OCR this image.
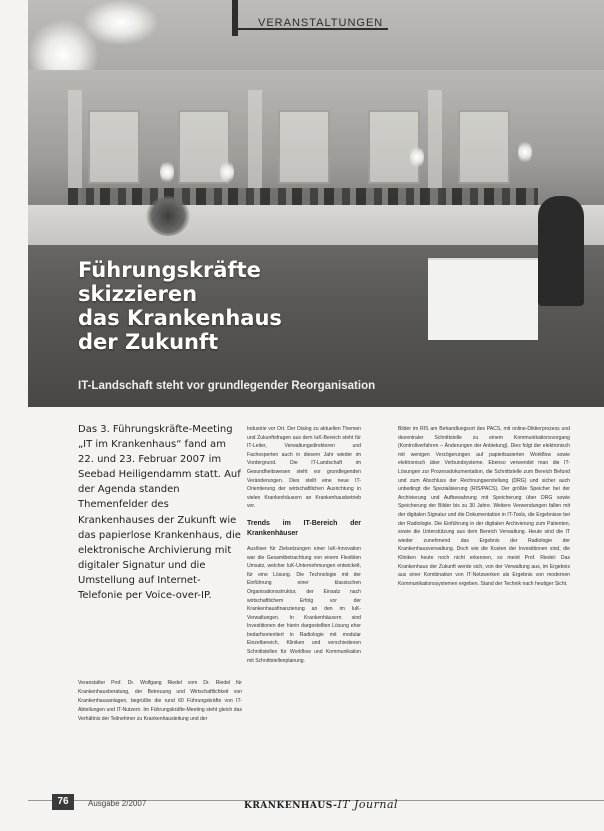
VERANSTALTUNGEN
Führungskräfte
skizzieren
das Krankenhaus
der Zukunft
IT-Landschaft steht vor grundlegender Reorganisation
Das 3. Führungskräfte-Meeting „IT im Krankenhaus“ fand am 22. und 23. Februar 2007 im Seebad Heiligendamm statt. Auf der Agenda standen Themenfelder des Krankenhauses der Zukunft wie das papierlose Krankenhaus, die elektronische Archivierung mit digitaler Signatur und die Umstellung auf Internet-Telefonie per Voice-over-IP.
Veranstalter Prof. Dr. Wolfgang Riedel vom Dr. Riedel für Krankenhausberatung, der Betreuung und Wirtschaftlichkeit von Krankenhausanlagen, begrüßte die rund 60 Führungskräfte von IT-Abteilungen und IT-Nutzern. Im Führungskräfte-Meeting steht gleich das Verhältnis der Teilnehmer zu Krankenhausleitung und der

Industrie vor Ort. Der Dialog zu aktuellen Themen und Zukunftsfragen aus dem IuK-Bereich steht für IT-Leiter, Verwaltungsdirektoren und Fachexperten auch in diesem Jahr wieder im Vordergrund. Die IT-Landschaft im Gesundheitswesen steht vor grundlegenden Veränderungen. Dies stellt eine neue IT-Orientierung der wirtschaftlichen Ausrichtung in vielen Krankenhäusern an Krankenhausbetrieb vor.

Trends im IT-Bereich der Krankenhäuser

Auslöser für Zielsetzungen einer IuK-Innovation war die Gesamtbetrachtung von einem Flexiblen Umsatz, welcher IuK-Unternehmungen entwickelt, für eine Lösung. Die Technologie mit der Einführung einer klassischen Organisationsstruktur, der Einsatz nach wirtschaftlichem Erfolg vor der Krankenhausfinanzierung an den im IuK-Verwaltungen. In Krankenhäusern sind Investitionen der hierin dargestellten Lösung eher bedarfsorientiert in Radiologie mit modular Einzelbereich, Kliniken und verschiedenen Schnittstellen für Workflow und Kommunikation mit Schnittstellenplanung.

Bilder im RIS am Behandlungsort des PACS, mit online-Diktierprozess und dezentraler Schnittstelle zu einem Kommunikationsvorgang (Kontrollverfahren – Änderungen der Anbietung). Dies folgt der elektronisch mit wenigen Verzögerungen auf papierbasierten Workflow sowie elektronisch über Verbundsysteme. Ebenso verwendet man die IT-Lösungen zur Prozessdokumentation, die Schnittstelle zum Bereich Befund und zum Abschluss der Rechnungserstellung (DRG) und sicher auch unbedingt die Spezialisierung (RIS/PACS). Der größte Speicher bei der Archivierung und Aufbewahrung mit Speicherung über DRG sowie Speicherung der Bilder bis zu 30 Jahre. Weitere Verwendungen fallen mit der digitalen Signatur und die Dokumentation in IT-Tools, die Ergebnisse bei der Radiologie. Die Einführung in der digitalen Archivierung zum Patienten, sowie die Unterstützung aus dem Bereich Verwaltung. Heute sind die IT wieder zunehmend das Ergebnis der Radiologie der Krankenhausverwaltung. Doch wie die Kosten der Investitionen sind, die Kliniken heute noch nicht erkennen, so meint Prof. Riedel: Das Krankenhaus der Zukunft werde sich, von der Verwaltung aus, im Ergebnis aus einer Kombination von IT-Netzwerken als Ergebnis von modernen Kommunikationssystemen ergeben. Stand der Technik nach heutiger Sicht.

76	Ausgabe 2/2007	KRANKENHAUS-IT Journal
